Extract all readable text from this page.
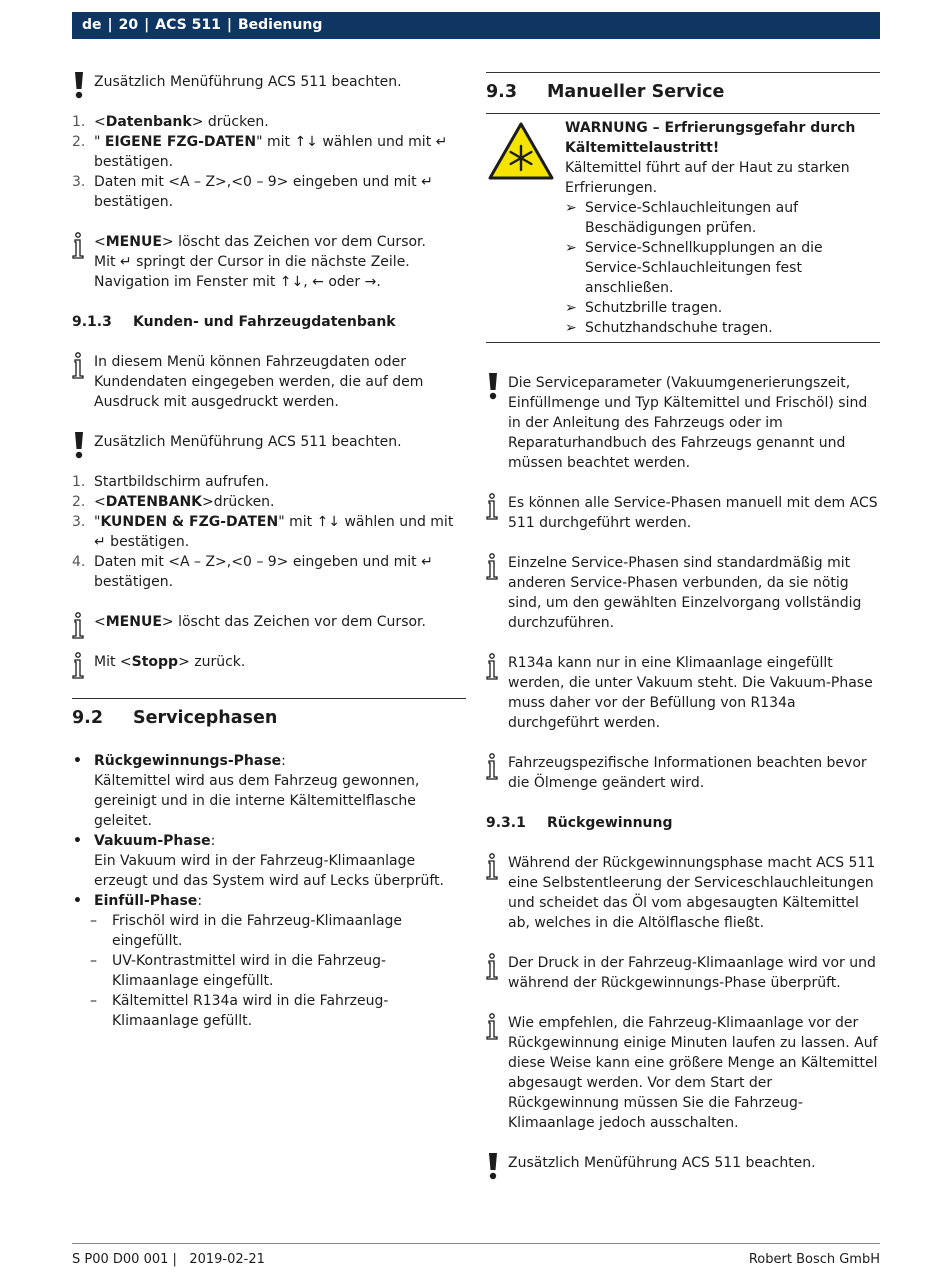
de | 20 | ACS 511 | Bedienung
Zusätzlich Menüführung ACS 511 beachten.
1. <Datenbank> drücken.
2. " EIGENE FZG-DATEN" mit ↑↓ wählen und mit ↵ bestätigen.
3. Daten mit <A – Z>,<0 – 9> eingeben und mit ↵ bestätigen.
<MENUE> löscht das Zeichen vor dem Cursor.
Mit ↵ springt der Cursor in die nächste Zeile.
Navigation im Fenster mit ↑↓, ← oder →.
9.1.3 Kunden- und Fahrzeugdatenbank
In diesem Menü können Fahrzeugdaten oder Kundendaten eingegeben werden, die auf dem Ausdruck mit ausgedruckt werden.
Zusätzlich Menüführung ACS 511 beachten.
1. Startbildschirm aufrufen.
2. <DATENBANK>drücken.
3. "KUNDEN & FZG-DATEN" mit ↑↓ wählen und mit ↵ bestätigen.
4. Daten mit <A – Z>,<0 – 9> eingeben und mit ↵ bestätigen.
<MENUE> löscht das Zeichen vor dem Cursor.
Mit <Stopp> zurück.
9.2 Servicephasen
• Rückgewinnungs-Phase:
Kältemittel wird aus dem Fahrzeug gewonnen, gereinigt und in die interne Kältemittelflasche geleitet.
• Vakuum-Phase:
Ein Vakuum wird in der Fahrzeug-Klimaanlage erzeugt und das System wird auf Lecks überprüft.
• Einfüll-Phase:
– Frischöl wird in die Fahrzeug-Klimaanlage eingefüllt.
– UV-Kontrastmittel wird in die Fahrzeug-Klimaanlage eingefüllt.
– Kältemittel R134a wird in die Fahrzeug-Klimaanlage gefüllt.
9.3 Manueller Service
WARNUNG – Erfrierungsgefahr durch Kältemittelaustritt!
Kältemittel führt auf der Haut zu starken Erfrierungen.
➢ Service-Schlauchleitungen auf Beschädigungen prüfen.
➢ Service-Schnellkupplungen an die Service-Schlauchleitungen fest anschließen.
➢ Schutzbrille tragen.
➢ Schutzhandschuhe tragen.
Die Serviceparameter (Vakuumgenerierungszeit, Einfüllmenge und Typ Kältemittel und Frischöl) sind in der Anleitung des Fahrzeugs oder im Reparaturhandbuch des Fahrzeugs genannt und müssen beachtet werden.
Es können alle Service-Phasen manuell mit dem ACS 511 durchgeführt werden.
Einzelne Service-Phasen sind standardmäßig mit anderen Service-Phasen verbunden, da sie nötig sind, um den gewählten Einzelvorgang vollständig durchzuführen.
R134a kann nur in eine Klimaanlage eingefüllt werden, die unter Vakuum steht. Die Vakuum-Phase muss daher vor der Befüllung von R134a durchgeführt werden.
Fahrzeugspezifische Informationen beachten bevor die Ölmenge geändert wird.
9.3.1 Rückgewinnung
Während der Rückgewinnungsphase macht ACS 511 eine Selbstentleerung der Serviceschlauchleitungen und scheidet das Öl vom abgesaugten Kältemittel ab, welches in die Altölflasche fließt.
Der Druck in der Fahrzeug-Klimaanlage wird vor und während der Rückgewinnungs-Phase überprüft.
Wie empfehlen, die Fahrzeug-Klimaanlage vor der Rückgewinnung einige Minuten laufen zu lassen. Auf diese Weise kann eine größere Menge an Kältemittel abgesaugt werden. Vor dem Start der Rückgewinnung müssen Sie die Fahrzeug-Klimaanlage jedoch ausschalten.
Zusätzlich Menüführung ACS 511 beachten.
S P00 D00 001 |   2019-02-21	Robert Bosch GmbH
